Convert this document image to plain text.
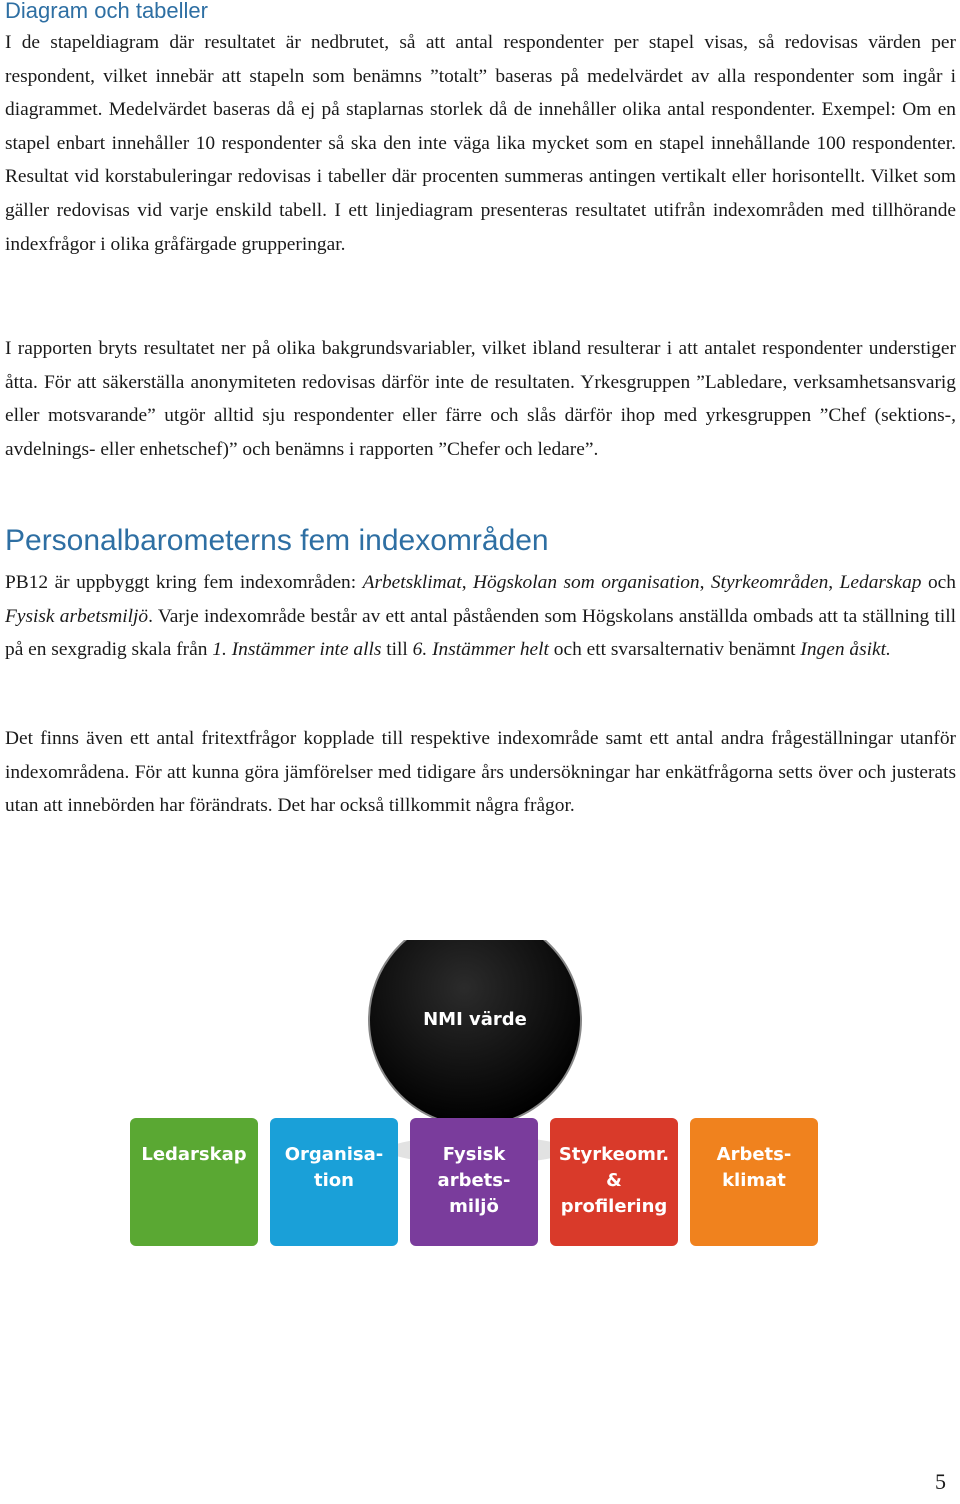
Diagram och tabeller

I de stapeldiagram där resultatet är nedbrutet, så att antal respondenter per stapel visas, så redovisas värden per respondent, vilket innebär att stapeln som benämns ”totalt” baseras på medelvärdet av alla respondenter som ingår i diagrammet. Medelvärdet baseras då ej på staplarnas storlek då de innehåller olika antal respondenter. Exempel: Om en stapel enbart innehåller 10 respondenter så ska den inte väga lika mycket som en stapel innehållande 100 respondenter. Resultat vid korstabuleringar redovisas i tabeller där procenten summeras antingen vertikalt eller horisontellt. Vilket som gäller redovisas vid varje enskild tabell. I ett linjediagram presenteras resultatet utifrån indexområden med tillhörande indexfrågor i olika gråfärgade grupperingar.

I rapporten bryts resultatet ner på olika bakgrundsvariabler, vilket ibland resulterar i att antalet respondenter understiger åtta. För att säkerställa anonymiteten redovisas därför inte de resultaten. Yrkesgruppen ”Labledare, verksamhetsansvarig eller motsvarande” utgör alltid sju respondenter eller färre och slås därför ihop med yrkesgruppen ”Chef (sektions-, avdelnings- eller enhetschef)” och benämns i rapporten ”Chefer och ledare”.

Personalbarometerns fem indexområden

PB12 är uppbyggt kring fem indexområden: Arbetsklimat, Högskolan som organisation, Styrkeområden, Ledarskap och Fysisk arbetsmiljö. Varje indexområde består av ett antal påståenden som Högskolans anställda ombads att ta ställning till på en sexgradig skala från 1. Instämmer inte alls till 6. Instämmer helt och ett svarsalternativ benämnt Ingen åsikt.

Det finns även ett antal fritextfrågor kopplade till respektive indexområde samt ett antal andra frågeställningar utanför indexområdena. För att kunna göra jämförelser med tidigare års undersökningar har enkätfrågorna setts över och justerats utan att innebörden har förändrats. Det har också tillkommit några frågor.

NMI värde
Ledarskap	Organisa-
tion
Fysisk
arbets-
miljö
Styrkeomr.
&
profilering
Arbets-
klimat
5
